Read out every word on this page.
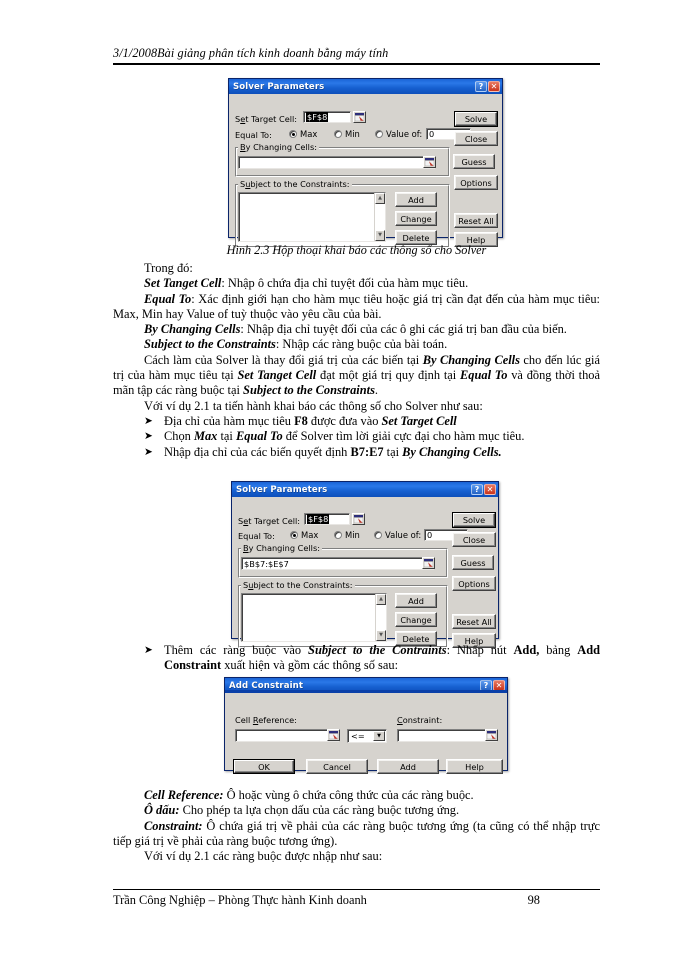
3/1/2008Bài giảng phân tích kinh doanh bằng máy tính
Solver Parameters	? ✕
Set Target Cell: $F$8
Equal To:	Max	Min	Value of: 0
By Changing Cells:
Guess
Subject to the Constraints:
▲
▼
Add
Change
Delete
Solve
Close
Options
Reset All
Help

Hình 2.3 Hộp thoại khai báo các thông số cho Solver

Trong đó:

Set Tanget Cell: Nhập ô chứa địa chỉ tuyệt đối của hàm mục tiêu.

Equal To: Xác định giới hạn cho hàm mục tiêu hoặc giá trị cần đạt đến của hàm mục tiêu: Max, Min hay Value of tuỳ thuộc vào yêu cầu của bài.

By Changing Cells: Nhập địa chỉ tuyệt đối của các ô ghi các giá trị ban đầu của biến.

Subject to the Constraints: Nhập các ràng buộc của bài toán.

Cách làm của Solver là thay đổi giá trị của các biến tại By Changing Cells cho đến lúc giá trị của hàm mục tiêu tại Set Tanget Cell đạt một giá trị quy định tại Equal To và đồng thời thoả mãn tập các ràng buộc tại Subject to the Constraints.

Với ví dụ 2.1 ta tiến hành khai báo các thông số cho Solver như sau:

➤ Địa chỉ của hàm mục tiêu F8 được đưa vào Set Target Cell
➤ Chọn Max tại Equal To để Solver tìm lời giải cực đại cho hàm mục tiêu.
➤ Nhập địa chỉ của các biến quyết định B7:E7 tại By Changing Cells.
Solver Parameters	? ✕
Set Target Cell: $F$8
Equal To:	Max	Min	Value of: 0
By Changing Cells:
$B$7:$E$7	Guess
Subject to the Constraints:
▲
▼
Add
Change
Delete
Solve
Close
Options
Reset All
Help
➤ Thêm các ràng buộc vào Subject to the Contraints: Nhấp nút Add, bảng Add Constraint xuất hiện và gồm các thông số sau:
Add Constraint	? ✕
Cell Reference:
<=	▼
Constraint:
OK	Cancel	Add	Help

Cell Reference: Ô hoặc vùng ô chứa công thức của các ràng buộc.

Ô dấu: Cho phép ta lựa chọn dấu của các ràng buộc tương ứng.

Constraint: Ô chứa giá trị về phải của các ràng buộc tương ứng (ta cũng có thể nhập trực tiếp giá trị về phải của ràng buộc tương ứng).

Với ví dụ 2.1 các ràng buộc được nhập như sau:

Trần Công Nghiệp – Phòng Thực hành Kinh doanh	98
